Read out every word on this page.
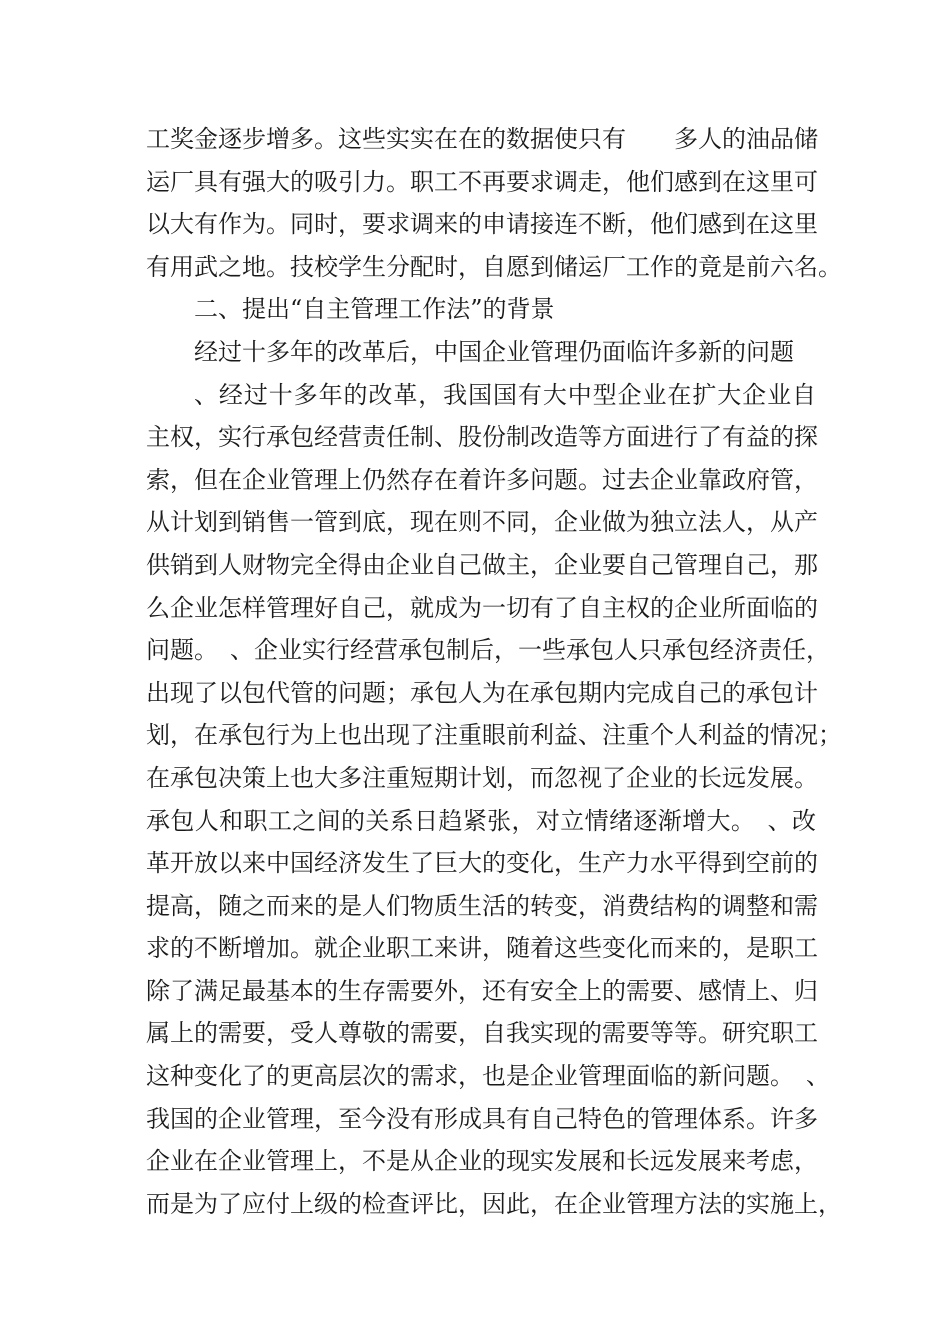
工奖金逐步增多。这些实实在在的数据使只有　　多人的油品储
运厂具有强大的吸引力。职工不再要求调走，他们感到在这里可
以大有作为。同时，要求调来的申请接连不断，他们感到在这里
有用武之地。技校学生分配时，自愿到储运厂工作的竟是前六名。
二、提出“自主管理工作法”的背景
经过十多年的改革后，中国企业管理仍面临许多新的问题
、经过十多年的改革，我国国有大中型企业在扩大企业自
主权，实行承包经营责任制、股份制改造等方面进行了有益的探
索，但在企业管理上仍然存在着许多问题。过去企业靠政府管，
从计划到销售一管到底，现在则不同，企业做为独立法人，从产
供销到人财物完全得由企业自己做主，企业要自己管理自己，那
么企业怎样管理好自己，就成为一切有了自主权的企业所面临的
问题。　、企业实行经营承包制后，一些承包人只承包经济责任，
出现了以包代管的问题；承包人为在承包期内完成自己的承包计
划，在承包行为上也出现了注重眼前利益、注重个人利益的情况；
在承包决策上也大多注重短期计划，而忽视了企业的长远发展。
承包人和职工之间的关系日趋紧张，对立情绪逐渐增大。　、改
革开放以来中国经济发生了巨大的变化，生产力水平得到空前的
提高，随之而来的是人们物质生活的转变，消费结构的调整和需
求的不断增加。就企业职工来讲，随着这些变化而来的，是职工
除了满足最基本的生存需要外，还有安全上的需要、感情上、归
属上的需要，受人尊敬的需要，自我实现的需要等等。研究职工
这种变化了的更高层次的需求，也是企业管理面临的新问题。　、
我国的企业管理，至今没有形成具有自己特色的管理体系。许多
企业在企业管理上，不是从企业的现实发展和长远发展来考虑，
而是为了应付上级的检查评比，因此，在企业管理方法的实施上，
